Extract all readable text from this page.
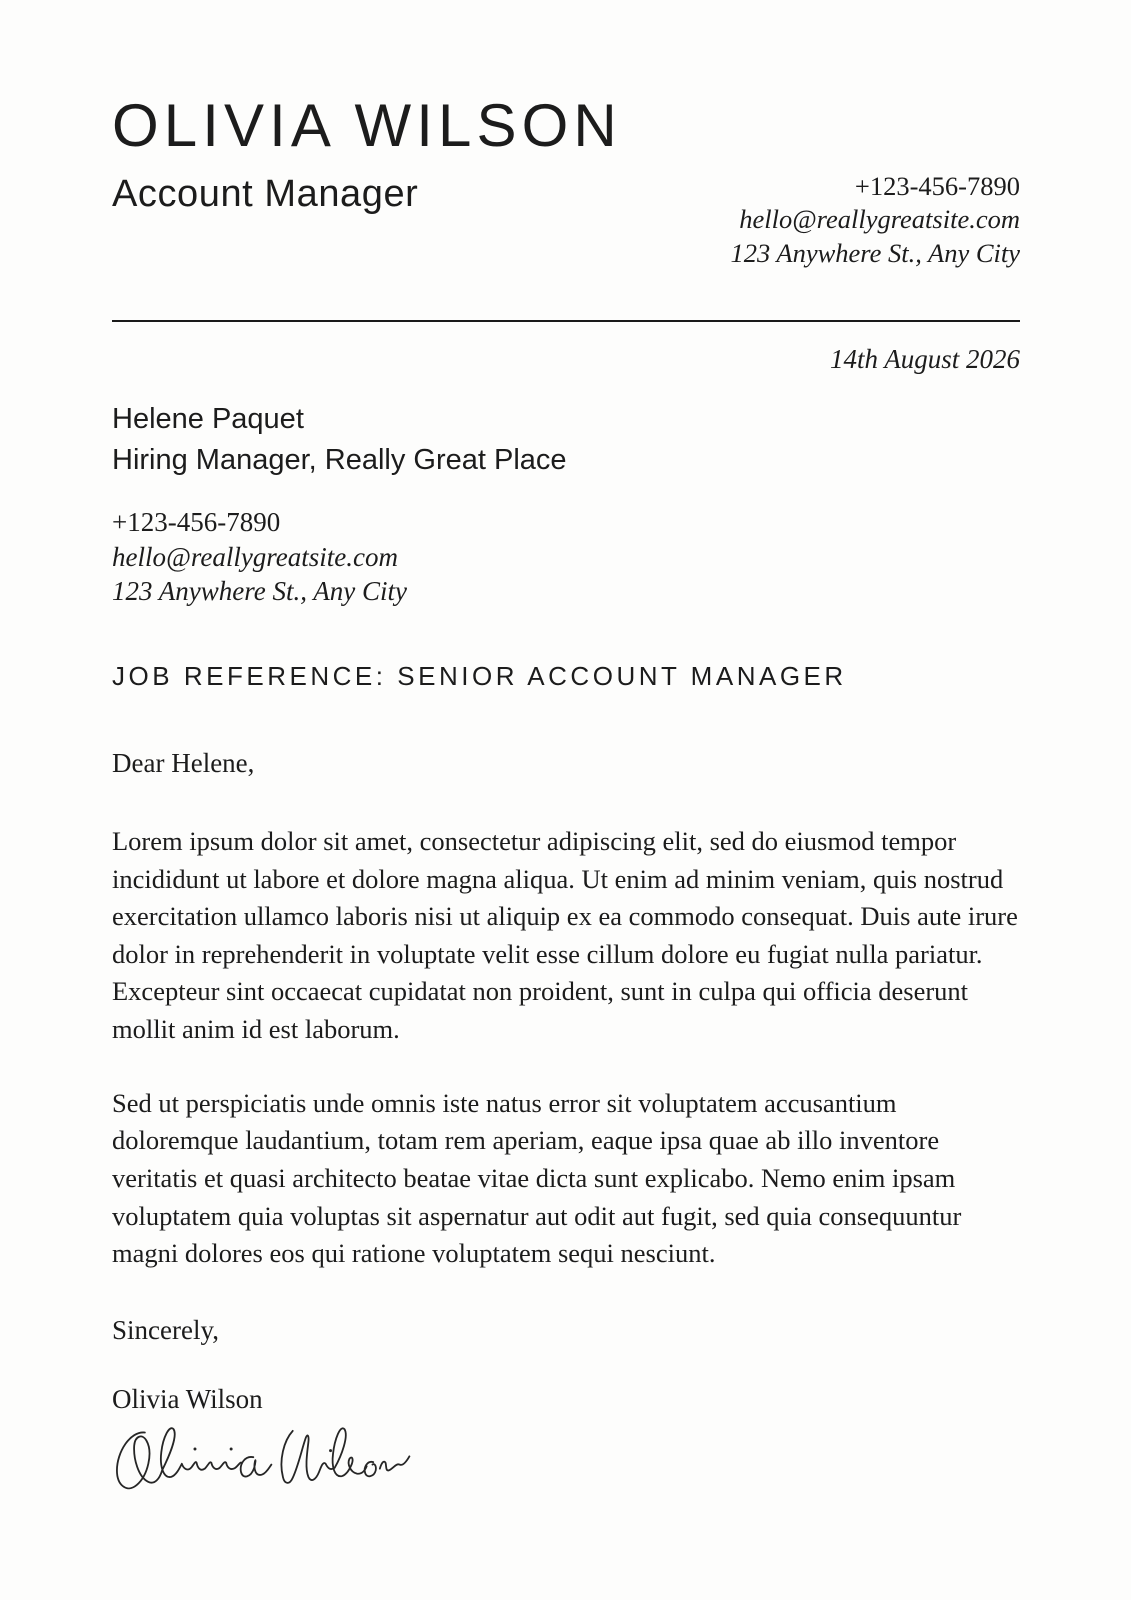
OLIVIA WILSON
Account Manager	+123-456-7890
hello@reallygreatsite.com
123 Anywhere St., Any City
14th August 2026
Helene Paquet
Hiring Manager, Really Great Place
+123-456-7890
hello@reallygreatsite.com
123 Anywhere St., Any City
JOB REFERENCE: SENIOR ACCOUNT MANAGER
Dear Helene,

Lorem ipsum dolor sit amet, consectetur adipiscing elit, sed do eiusmod tempor incididunt ut labore et dolore magna aliqua. Ut enim ad minim veniam, quis nostrud exercitation ullamco laboris nisi ut aliquip ex ea commodo consequat. Duis aute irure dolor in reprehenderit in voluptate velit esse cillum dolore eu fugiat nulla pariatur. Excepteur sint occaecat cupidatat non proident, sunt in culpa qui officia deserunt mollit anim id est laborum.

Sed ut perspiciatis unde omnis iste natus error sit voluptatem accusantium doloremque laudantium, totam rem aperiam, eaque ipsa quae ab illo inventore veritatis et quasi architecto beatae vitae dicta sunt explicabo. Nemo enim ipsam voluptatem quia voluptas sit aspernatur aut odit aut fugit, sed quia consequuntur magni dolores eos qui ratione voluptatem sequi nesciunt.

Sincerely,
Olivia Wilson
